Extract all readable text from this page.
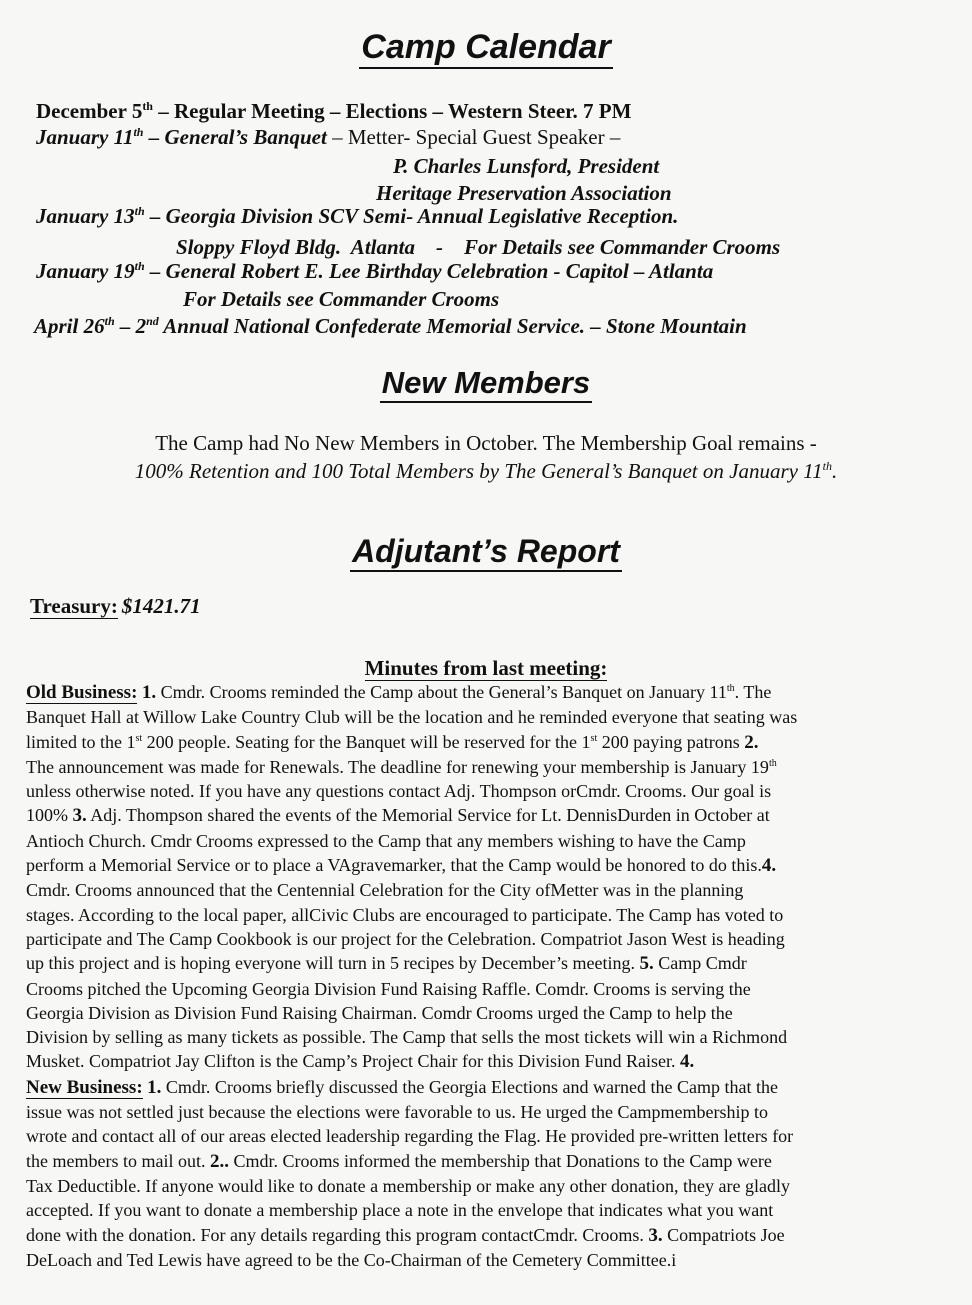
Camp Calendar
December 5th – Regular Meeting – Elections – Western Steer. 7 PM
January 11th – General’s Banquet – Metter- Special Guest Speaker –
P. Charles Lunsford, President
Heritage Preservation Association
January 13th – Georgia Division SCV Semi- Annual Legislative Reception.
Sloppy Floyd Bldg.  Atlanta    -    For Details see Commander Crooms
January 19th – General Robert E. Lee Birthday Celebration - Capitol – Atlanta
For Details see Commander Crooms
April 26th – 2nd Annual National Confederate Memorial Service. – Stone Mountain
New Members
The Camp had No New Members in October. The Membership Goal remains -
100% Retention and 100 Total Members by The General’s Banquet on January 11th.
Adjutant’s Report
Treasury: $1421.71
Minutes from last meeting:
Old Business: 1. Cmdr. Crooms reminded the Camp about the General’s Banquet on January 11th. The
Banquet Hall at Willow Lake Country Club will be the location and he reminded everyone that seating was
limited to the 1st 200 people. Seating for the Banquet will be reserved for the 1st 200 paying patrons 2.
The announcement was made for Renewals. The deadline for renewing your membership is January 19th
unless otherwise noted. If you have any questions contact Adj. Thompson orCmdr. Crooms. Our goal is
100% 3. Adj. Thompson shared the events of the Memorial Service for Lt. DennisDurden in October at
Antioch Church. Cmdr Crooms expressed to the Camp that any members wishing to have the Camp
perform a Memorial Service or to place a VAgravemarker, that the Camp would be honored to do this.4.
Cmdr. Crooms announced that the Centennial Celebration for the City ofMetter was in the planning
stages. According to the local paper, allCivic Clubs are encouraged to participate. The Camp has voted to
participate and The Camp Cookbook is our project for the Celebration. Compatriot Jason West is heading
up this project and is hoping everyone will turn in 5 recipes by December’s meeting. 5. Camp Cmdr
Crooms pitched the Upcoming Georgia Division Fund Raising Raffle. Comdr. Crooms is serving the
Georgia Division as Division Fund Raising Chairman. Comdr Crooms urged the Camp to help the
Division by selling as many tickets as possible. The Camp that sells the most tickets will win a Richmond
Musket. Compatriot Jay Clifton is the Camp’s Project Chair for this Division Fund Raiser. 4.
New Business: 1. Cmdr. Crooms briefly discussed the Georgia Elections and warned the Camp that the
issue was not settled just because the elections were favorable to us. He urged the Campmembership to
wrote and contact all of our areas elected leadership regarding the Flag. He provided pre-written letters for
the members to mail out. 2.. Cmdr. Crooms informed the membership that Donations to the Camp were
Tax Deductible. If anyone would like to donate a membership or make any other donation, they are gladly
accepted. If you want to donate a membership place a note in the envelope that indicates what you want
done with the donation. For any details regarding this program contactCmdr. Crooms. 3. Compatriots Joe
DeLoach and Ted Lewis have agreed to be the Co-Chairman of the Cemetery Committee.i
